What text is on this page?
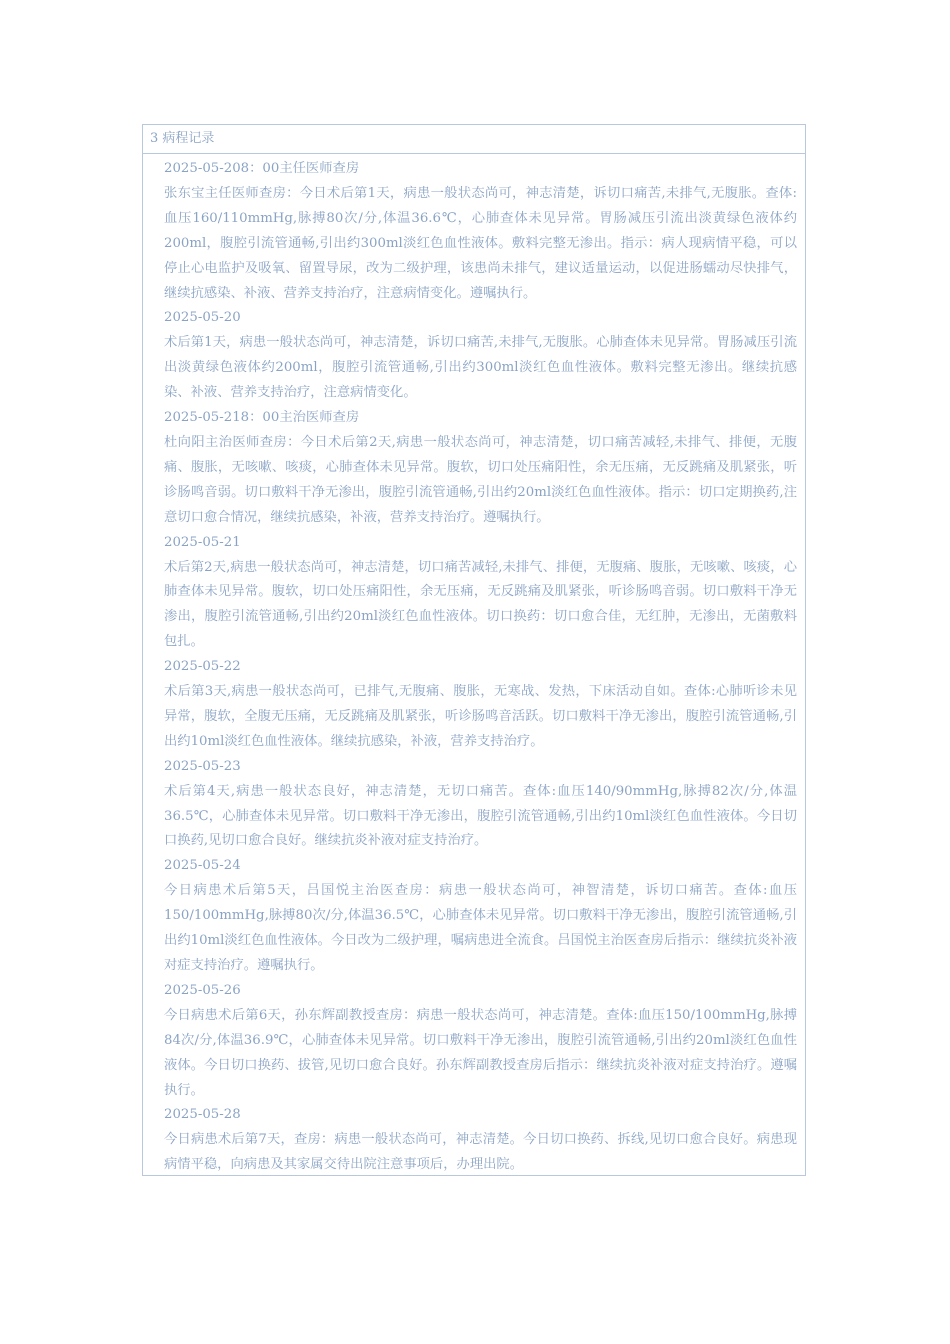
3 病程记录
2025-05-208：00主任医师查房
张东宝主任医师查房：今日术后第1天，病患一般状态尚可，神志清楚，诉切口痛苦,未排气,无腹胀。查体:血压160/110mmHg,脉搏80次/分,体温36.6℃，心肺查体未见异常。胃肠减压引流出淡黄绿色液体约200ml，腹腔引流管通畅,引出约300ml淡红色血性液体。敷料完整无渗出。指示：病人现病情平稳，可以停止心电监护及吸氧、留置导尿，改为二级护理，该患尚未排气，建议适量运动，以促进肠蠕动尽快排气，继续抗感染、补液、营养支持治疗，注意病情变化。遵嘱执行。
2025-05-20
术后第1天，病患一般状态尚可，神志清楚，诉切口痛苦,未排气,无腹胀。心肺查体未见异常。胃肠减压引流出淡黄绿色液体约200ml，腹腔引流管通畅,引出约300ml淡红色血性液体。敷料完整无渗出。继续抗感染、补液、营养支持治疗，注意病情变化。
2025-05-218：00主治医师查房
杜向阳主治医师查房：今日术后第2天,病患一般状态尚可，神志清楚，切口痛苦减轻,未排气、排便，无腹痛、腹胀，无咳嗽、咳痰，心肺查体未见异常。腹软，切口处压痛阳性，余无压痛，无反跳痛及肌紧张，听诊肠鸣音弱。切口敷料干净无渗出，腹腔引流管通畅,引出约20ml淡红色血性液体。指示：切口定期换药,注意切口愈合情况，继续抗感染，补液，营养支持治疗。遵嘱执行。
2025-05-21
术后第2天,病患一般状态尚可，神志清楚，切口痛苦减轻,未排气、排便，无腹痛、腹胀，无咳嗽、咳痰，心肺查体未见异常。腹软，切口处压痛阳性，余无压痛，无反跳痛及肌紧张，听诊肠鸣音弱。切口敷料干净无渗出，腹腔引流管通畅,引出约20ml淡红色血性液体。切口换药：切口愈合佳，无红肿，无渗出，无菌敷料包扎。
2025-05-22
术后第3天,病患一般状态尚可，已排气,无腹痛、腹胀，无寒战、发热，下床活动自如。查体:心肺听诊未见异常，腹软，全腹无压痛，无反跳痛及肌紧张，听诊肠鸣音活跃。切口敷料干净无渗出，腹腔引流管通畅,引出约10ml淡红色血性液体。继续抗感染，补液，营养支持治疗。
2025-05-23
术后第4天,病患一般状态良好，神志清楚，无切口痛苦。查体:血压140/90mmHg,脉搏82次/分,体温36.5℃，心肺查体未见异常。切口敷料干净无渗出，腹腔引流管通畅,引出约10ml淡红色血性液体。今日切口换药,见切口愈合良好。继续抗炎补液对症支持治疗。
2025-05-24
今日病患术后第5天，吕国悦主治医查房：病患一般状态尚可，神智清楚，诉切口痛苦。查体:血压150/100mmHg,脉搏80次/分,体温36.5℃，心肺查体未见异常。切口敷料干净无渗出，腹腔引流管通畅,引出约10ml淡红色血性液体。今日改为二级护理，嘱病患进全流食。吕国悦主治医查房后指示：继续抗炎补液对症支持治疗。遵嘱执行。
2025-05-26
今日病患术后第6天，孙东辉副教授查房：病患一般状态尚可，神志清楚。查体:血压150/100mmHg,脉搏84次/分,体温36.9℃，心肺查体未见异常。切口敷料干净无渗出，腹腔引流管通畅,引出约20ml淡红色血性液体。今日切口换药、拔管,见切口愈合良好。孙东辉副教授查房后指示：继续抗炎补液对症支持治疗。遵嘱执行。
2025-05-28
今日病患术后第7天，查房：病患一般状态尚可，神志清楚。今日切口换药、拆线,见切口愈合良好。病患现病情平稳，向病患及其家属交待出院注意事项后，办理出院。
